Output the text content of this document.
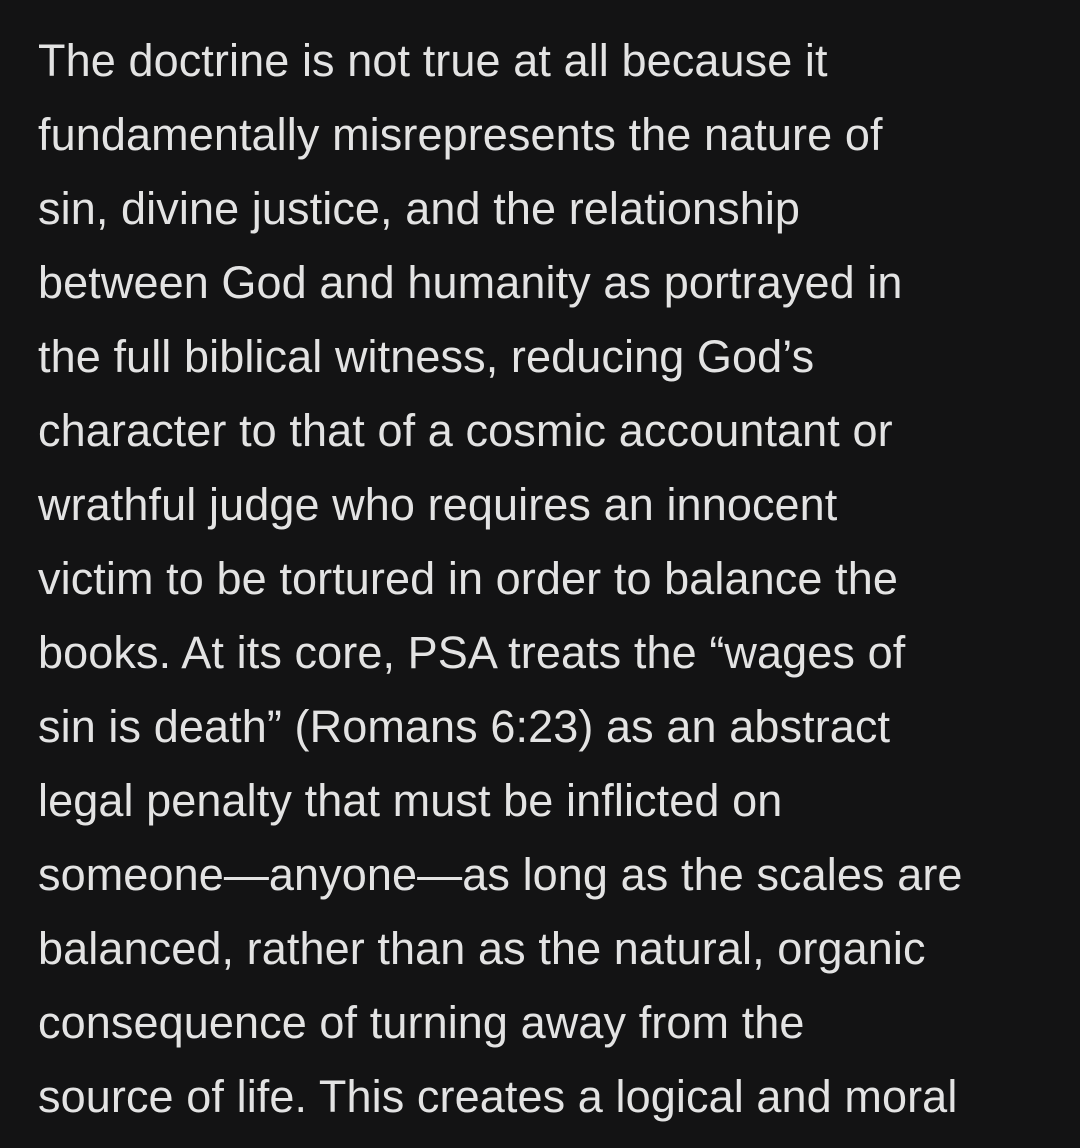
The doctrine is not true at all because it
fundamentally misrepresents the nature of
sin, divine justice, and the relationship
between God and humanity as portrayed in
the full biblical witness, reducing God’s
character to that of a cosmic accountant or
wrathful judge who requires an innocent
victim to be tortured in order to balance the
books. At its core, PSA treats the “wages of
sin is death” (Romans 6:23) as an abstract
legal penalty that must be inflicted on
someone—anyone—as long as the scales are
balanced, rather than as the natural, organic
consequence of turning away from the
source of life. This creates a logical and moral
